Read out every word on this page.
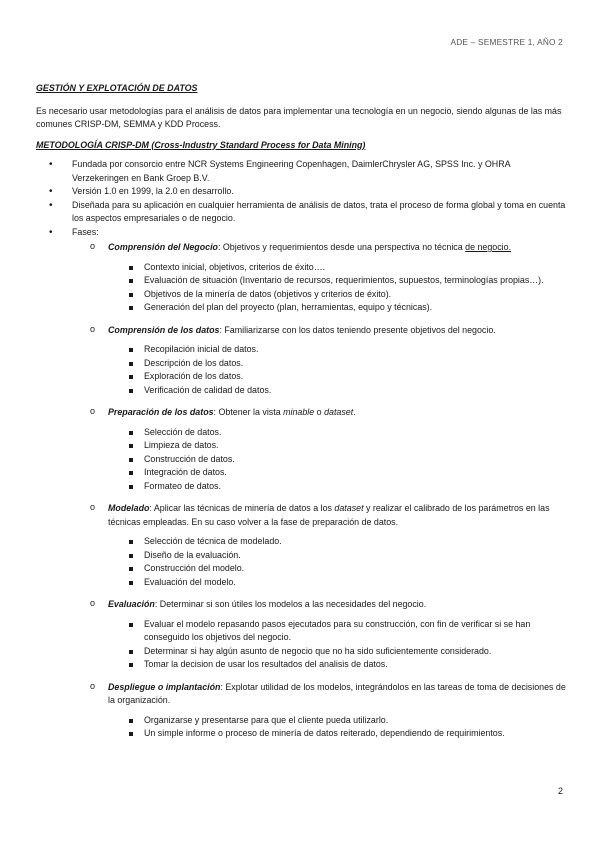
ADE – SEMESTRE 1, AÑO 2
GESTIÓN Y EXPLOTACIÓN DE DATOS
Es necesario usar metodologías para el análisis de datos para implementar una tecnología en un negocio, siendo algunas de las más comunes CRISP-DM, SEMMA y KDD Process.
METODOLOGÍA CRISP-DM (Cross-Industry Standard Process for Data Mining)
• Fundada por consorcio entre NCR Systems Engineering Copenhagen, DaimlerChrysler AG, SPSS Inc. y OHRA Verzekeringen en Bank Groep B.V.
• Versión 1.0 en 1999, la 2.0 en desarrollo.
• Diseñada para su aplicación en cualquier herramienta de análisis de datos, trata el proceso de forma global y toma en cuenta los aspectos empresariales o de negocio.
• Fases:
o Comprensión del Negocio: Objetivos y requerimientos desde una perspectiva no técnica de negocio.
Contexto inicial, objetivos, criterios de éxito….
Evaluación de situación (Inventario de recursos, requerimientos, supuestos, terminologías propias…).
Objetivos de la minería de datos (objetivos y criterios de éxito).
Generación del plan del proyecto (plan, herramientas, equipo y técnicas).
o Comprensión de los datos: Familiarizarse con los datos teniendo presente objetivos del negocio.
Recopilación inicial de datos.
Descripción de los datos.
Exploración de los datos.
Verificación de calidad de datos.
o Preparación de los datos: Obtener la vista minable o dataset.
Selección de datos.
Limpieza de datos.
Construcción de datos.
Integración de datos.
Formateo de datos.
o Modelado: Aplicar las técnicas de minería de datos a los dataset y realizar el calibrado de los parámetros en las técnicas empleadas. En su caso volver a la fase de preparación de datos.
Selección de técnica de modelado.
Diseño de la evaluación.
Construcción del modelo.
Evaluación del modelo.
o Evaluación: Determinar si son útiles los modelos a las necesidades del negocio.
Evaluar el modelo repasando pasos ejecutados para su construcción, con fin de verificar si se han conseguido los objetivos del negocio.
Determinar si hay algún asunto de negocio que no ha sido suficientemente considerado.
Tomar la decision de usar los resultados del analisis de datos.
o Despliegue o implantación: Explotar utilidad de los modelos, integrándolos en las tareas de toma de decisiones de la organización.
Organizarse y presentarse para que el cliente pueda utilizarlo.
Un simple informe o proceso de minería de datos reiterado, dependiendo de requirimientos.
2
